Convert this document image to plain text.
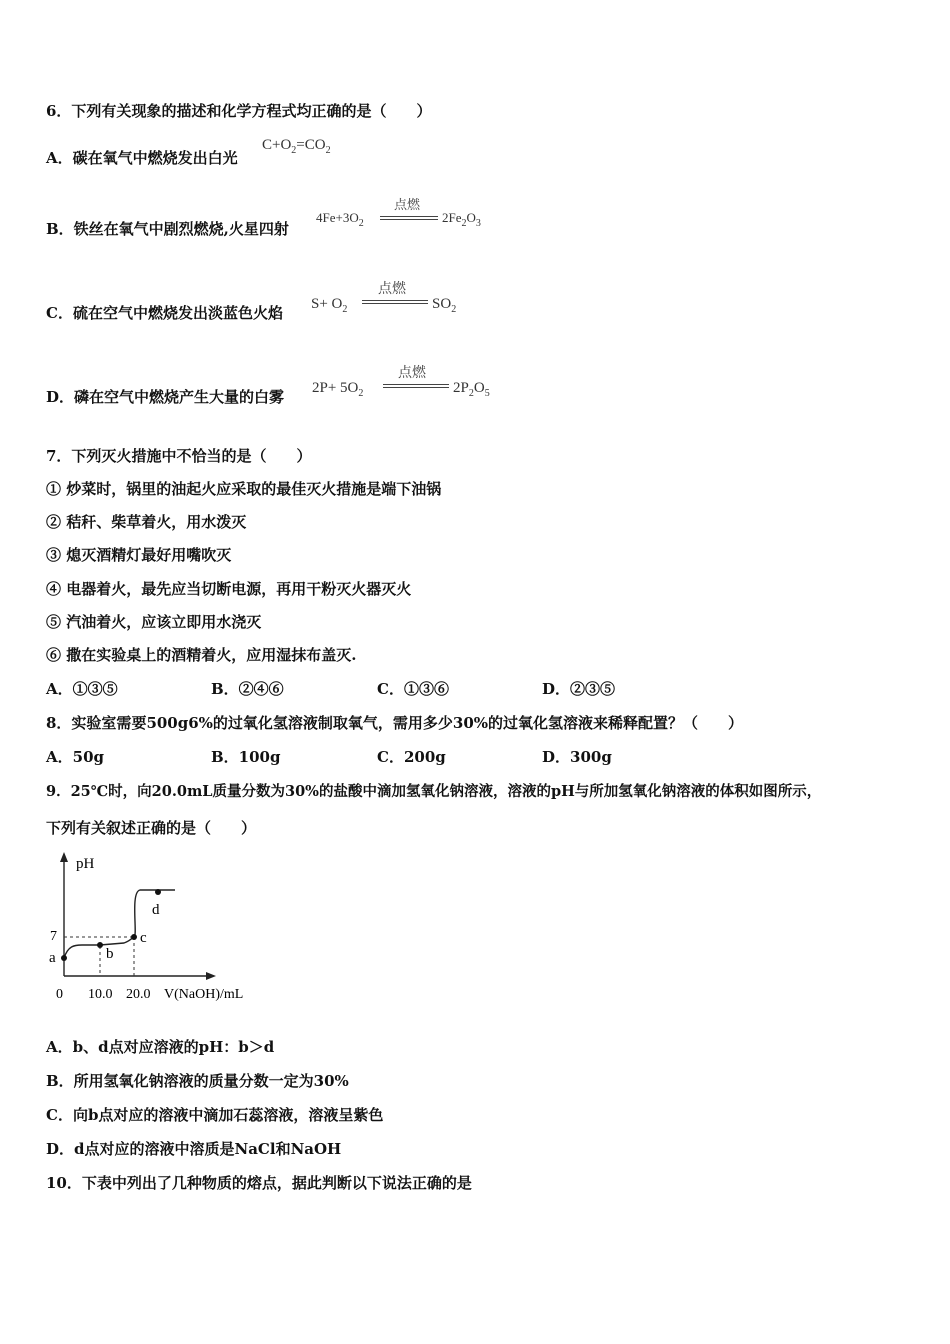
6．下列有关现象的描述和化学方程式均正确的是（　　）
A．碳在氧气中燃烧发出白光
$C+O_2=CO_2$
B．铁丝在氧气中剧烈燃烧,火星四射
$4Fe+3O_2$
点燃
$2Fe_2O_3$
C．硫在空气中燃烧发出淡蓝色火焰 $S+ O_2$
点燃
$SO_2$
D．磷在空气中燃烧产生大量的白雾 $2P+ 5O_2$
点燃
$2P_2O_5$
7．下列灭火措施中不恰当的是（　　）
① 炒菜时，锅里的油起火应采取的最佳灭火措施是端下油锅
② 秸秆、柴草着火，用水泼灭
③ 熄灭酒精灯最好用嘴吹灭
④ 电器着火，最先应当切断电源，再用干粉灭火器灭火
⑤ 汽油着火，应该立即用水浇灭
⑥ 撒在实验桌上的酒精着火，应用湿抹布盖灭.
A．①③⑤	B．②④⑥	C．①③⑥	D．②③⑤
8．实验室需要500g6%的过氧化氢溶液制取氧气，需用多少30%的过氧化氢溶液来稀释配置？（　　）
A．50g	B．100g	C．200g	D．300g
9．25℃时，向20.0mL质量分数为30%的盐酸中滴加氢氧化钠溶液，溶液的pH与所加氢氧化钠溶液的体积如图所示，
下列有关叙述正确的是（　　）
pH
a	b
c
d
7
0 10.0 20.0 V(NaOH)/mL
A．b、d点对应溶液的pH：b＞d
B．所用氢氧化钠溶液的质量分数一定为30%
C．向b点对应的溶液中滴加石蕊溶液，溶液呈紫色
D．d点对应的溶液中溶质是NaCl和NaOH
10．下表中列出了几种物质的熔点，据此判断以下说法正确的是
